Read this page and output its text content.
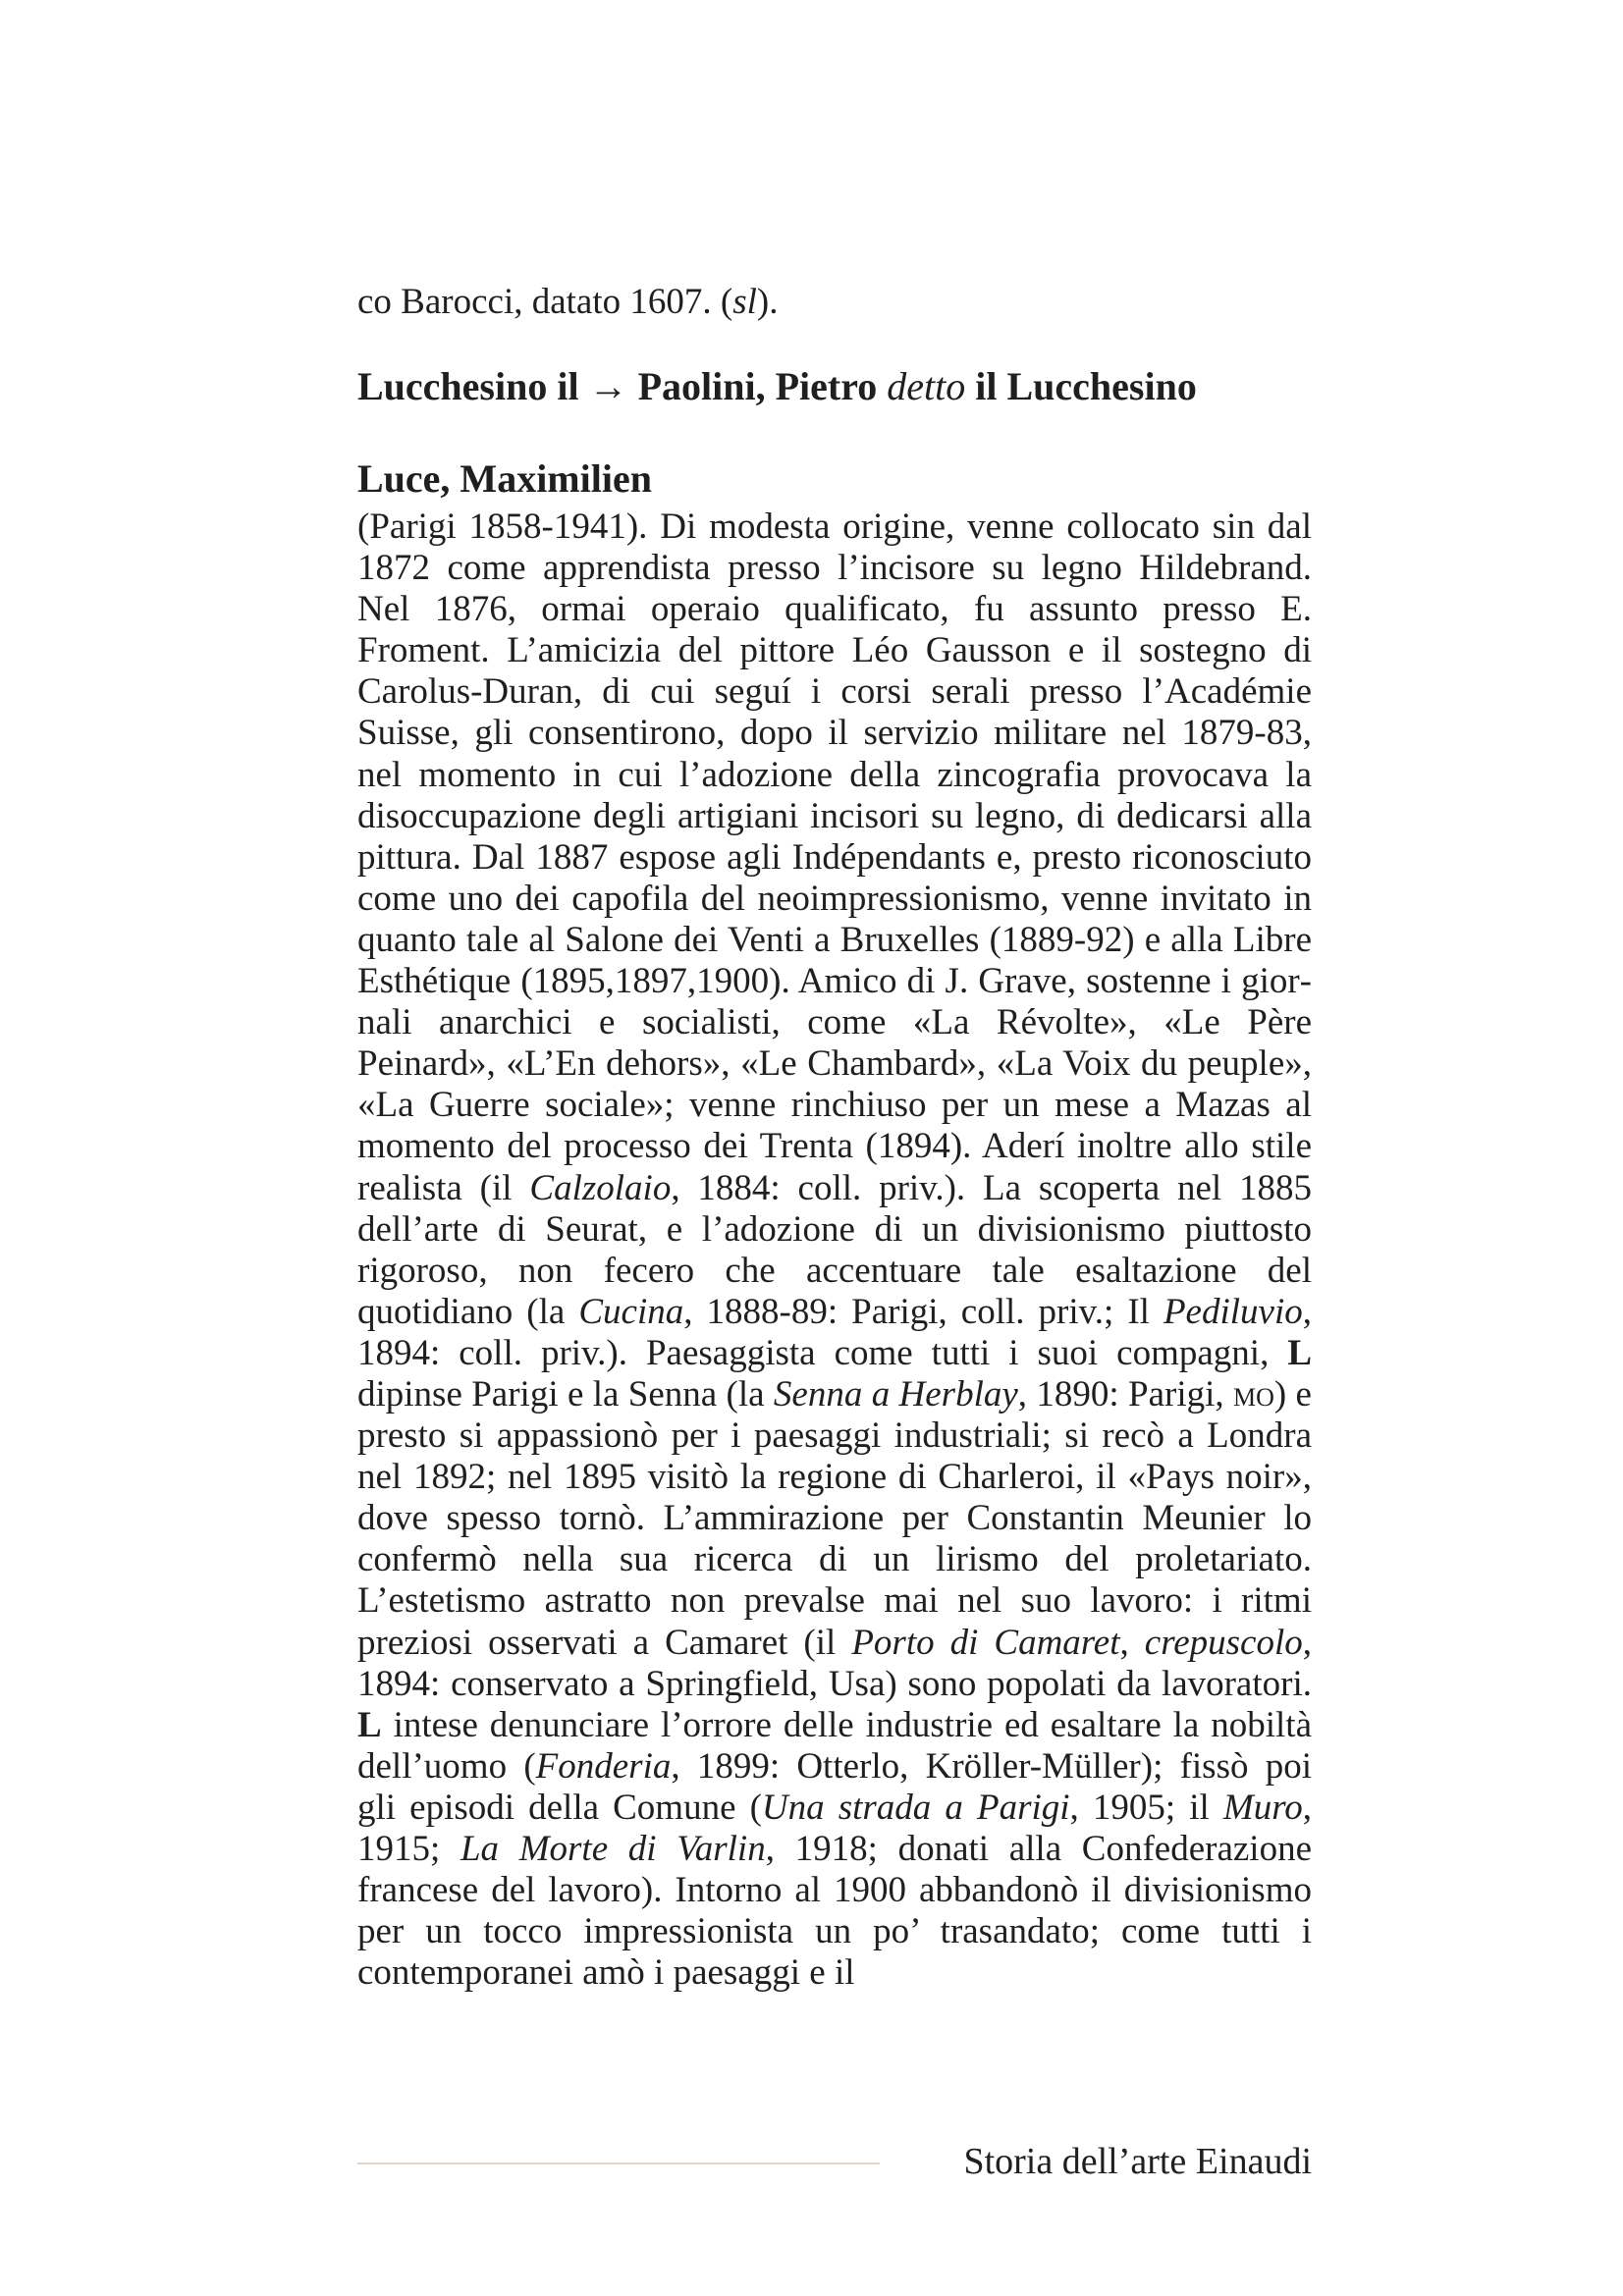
co Barocci, datato 1607. (sl).
Lucchesino il → Paolini, Pietro detto il Lucchesino
Luce, Maximilien

(Parigi 1858-1941). Di modesta origine, venne collocato sin dal 1872 come apprendista presso l’incisore su legno Hildebrand. Nel 1876, ormai operaio qualificato, fu assunto presso E. Froment. L’amicizia del pittore Léo Gausson e il sostegno di Carolus-Duran, di cui seguí i corsi serali presso l’Académie Suisse, gli consentirono, dopo il servizio militare nel 1879-83, nel momento in cui l’adozione della zincografia provocava la disoccupazione degli artigiani incisori su legno, di dedicarsi alla pittura. Dal 1887 espose agli Indépendants e, presto riconosciuto come uno dei capofila del neoimpressionismo, venne invitato in quanto tale al Salone dei Venti a Bruxelles (1889-92) e alla Libre Esthétique (1895,1897,1900). Amico di J. Grave, sostenne i giornali anarchici e socialisti, come «La Révolte», «Le Père Peinard», «L’En dehors», «Le Chambard», «La Voix du peuple», «La Guerre sociale»; venne rinchiuso per un mese a Mazas al momento del processo dei Trenta (1894). Aderí inoltre allo stile realista (il Calzolaio, 1884: coll. priv.). La scoperta nel 1885 dell’arte di Seurat, e l’adozione di un divisionismo piuttosto rigoroso, non fecero che accentuare tale esaltazione del quotidiano (la Cucina, 1888-89: Parigi, coll. priv.; Il Pediluvio, 1894: coll. priv.). Paesaggista come tutti i suoi compagni, L dipinse Parigi e la Senna (la Senna a Herblay, 1890: Parigi, mo) e presto si appassionò per i paesaggi industriali; si recò a Londra nel 1892; nel 1895 visitò la regione di Charleroi, il «Pays noir», dove spesso tornò. L’ammirazione per Constantin Meunier lo confermò nella sua ricerca di un lirismo del proletariato. L’estetismo astratto non prevalse mai nel suo lavoro: i ritmi preziosi osservati a Camaret (il Porto di Camaret, crepuscolo, 1894: conservato a Springfield, Usa) sono popolati da lavoratori. L intese denunciare l’orrore delle industrie ed esaltare la nobiltà dell’uomo (Fonderia, 1899: Otterlo, Kröller-Müller); fissò poi gli episodi della Comune (Una strada a Parigi, 1905; il Muro, 1915; La Morte di Varlin, 1918; donati alla Confederazione francese del lavoro). Intorno al 1900 abbandonò il divisionismo per un tocco impressionista un po’ trasandato; come tutti i contemporanei amò i paesaggi e il

Storia dell’arte Einaudi
